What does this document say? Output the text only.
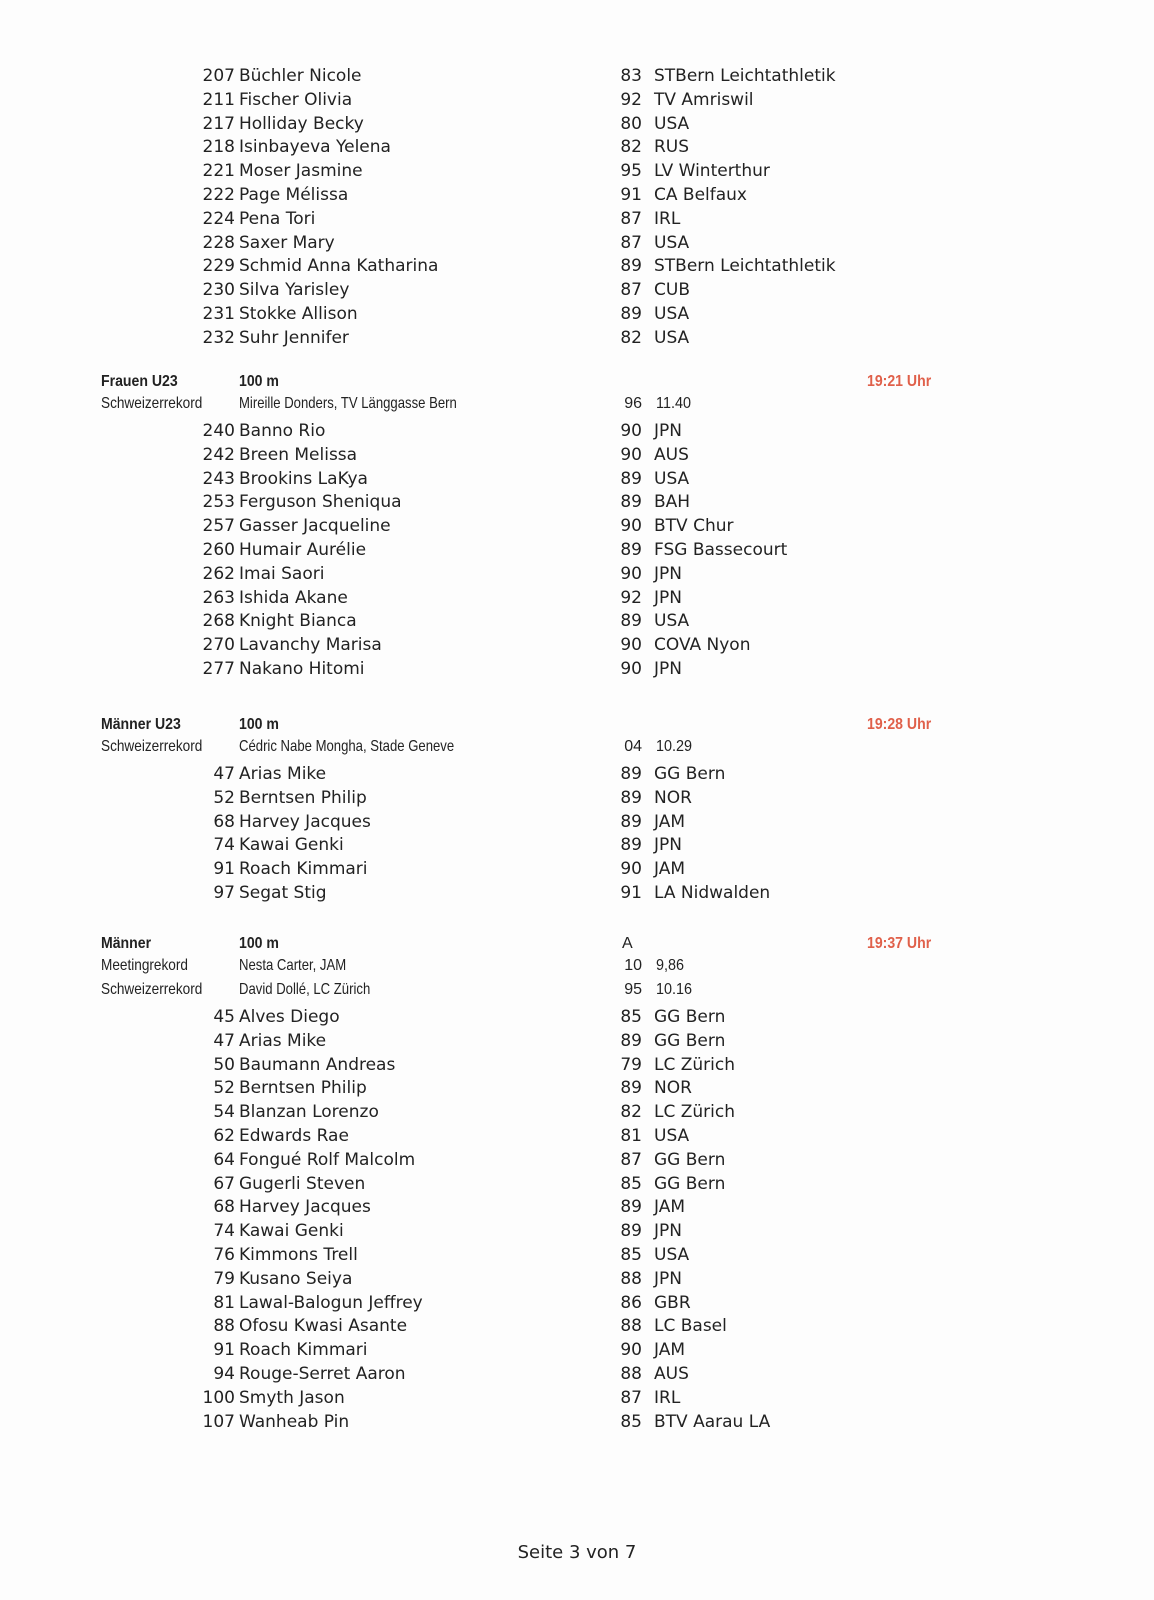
207 Büchler Nicole	83 STBern Leichtathletik
211 Fischer Olivia	92 TV Amriswil
217 Holliday Becky	80 USA
218 Isinbayeva Yelena	82 RUS
221 Moser Jasmine	95 LV Winterthur
222 Page Mélissa	91 CA Belfaux
224 Pena Tori	87 IRL
228 Saxer Mary	87 USA
229 Schmid Anna Katharina	89 STBern Leichtathletik
230 Silva Yarisley	87 CUB
231 Stokke Allison	89 USA
232 Suhr Jennifer	82 USA
Frauen U23	100 m	19:21 Uhr
Schweizerrekord Mireille Donders, TV Länggasse Bern	96 11.40
240 Banno Rio	90 JPN
242 Breen Melissa	90 AUS
243 Brookins LaKya	89 USA
253 Ferguson Sheniqua	89 BAH
257 Gasser Jacqueline	90 BTV Chur
260 Humair Aurélie	89 FSG Bassecourt
262 Imai Saori	90 JPN
263 Ishida Akane	92 JPN
268 Knight Bianca	89 USA
270 Lavanchy Marisa	90 COVA Nyon
277 Nakano Hitomi	90 JPN
Männer U23	100 m	19:28 Uhr
Schweizerrekord Cédric Nabe Mongha, Stade Geneve	04 10.29
47 Arias Mike	89 GG Bern
52 Berntsen Philip	89 NOR
68 Harvey Jacques	89 JAM
74 Kawai Genki	89 JPN
91 Roach Kimmari	90 JAM
97 Segat Stig	91 LA Nidwalden
Männer	100 m	A	19:37 Uhr
Meetingrekord	Nesta Carter, JAM	10 9,86
Schweizerrekord David Dollé, LC Zürich	95 10.16
45 Alves Diego	85 GG Bern
47 Arias Mike	89 GG Bern
50 Baumann Andreas	79 LC Zürich
52 Berntsen Philip	89 NOR
54 Blanzan Lorenzo	82 LC Zürich
62 Edwards Rae	81 USA
64 Fongué Rolf Malcolm	87 GG Bern
67 Gugerli Steven	85 GG Bern
68 Harvey Jacques	89 JAM
74 Kawai Genki	89 JPN
76 Kimmons Trell	85 USA
79 Kusano Seiya	88 JPN
81 Lawal-Balogun Jeffrey	86 GBR
88 Ofosu Kwasi Asante	88 LC Basel
91 Roach Kimmari	90 JAM
94 Rouge-Serret Aaron	88 AUS
100 Smyth Jason	87 IRL
107 Wanheab Pin	85 BTV Aarau LA
Seite 3 von 7
